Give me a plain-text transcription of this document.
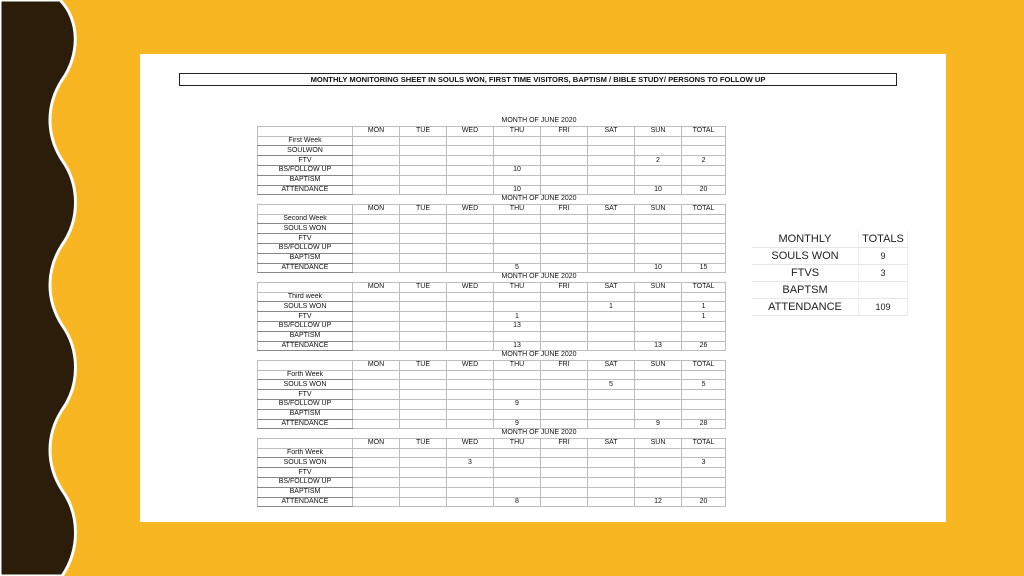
MONTHLY MONITORING SHEET IN SOULS WON, FIRST TIME VISITORS, BAPTISM / BIBLE STUDY/ PERSONS TO FOLLOW UP
	MONTH OF JUNE 2020							
	MON	TUE	WED	THU	FRI	SAT	SUN	TOTAL
First Week								
SOULWON								
FTV							2	2
BS/FOLLOW UP				10				
BAPTISM								
ATTENDANCE				10			10	20
	MONTH OF JUNE 2020							
	MON	TUE	WED	THU	FRI	SAT	SUN	TOTAL
Second Week								
SOULS WON								
FTV								
BS/FOLLOW UP								
BAPTISM								
ATTENDANCE				5			10	15
	MONTH OF JUNE 2020							
	MON	TUE	WED	THU	FRI	SAT	SUN	TOTAL
Third week								
SOULS WON						1		1
FTV				1				1
BS/FOLLOW UP				13				
BAPTISM								
ATTENDANCE				13			13	26
	MONTH OF JUNE 2020							
	MON	TUE	WED	THU	FRI	SAT	SUN	TOTAL
Forth Week								
SOULS WON						5		5
FTV								
BS/FOLLOW UP				9				
BAPTISM								
ATTENDANCE				9			9	28
	MONTH OF JUNE 2020							
	MON	TUE	WED	THU	FRI	SAT	SUN	TOTAL
Forth Week								
SOULS WON			3					3
FTV								
BS/FOLLOW UP								
BAPTISM								
ATTENDANCE				8			12	20
MONTHLY	TOTALS
SOULS WON	9
FTVS	3
BAPTSM	
ATTENDANCE	109
